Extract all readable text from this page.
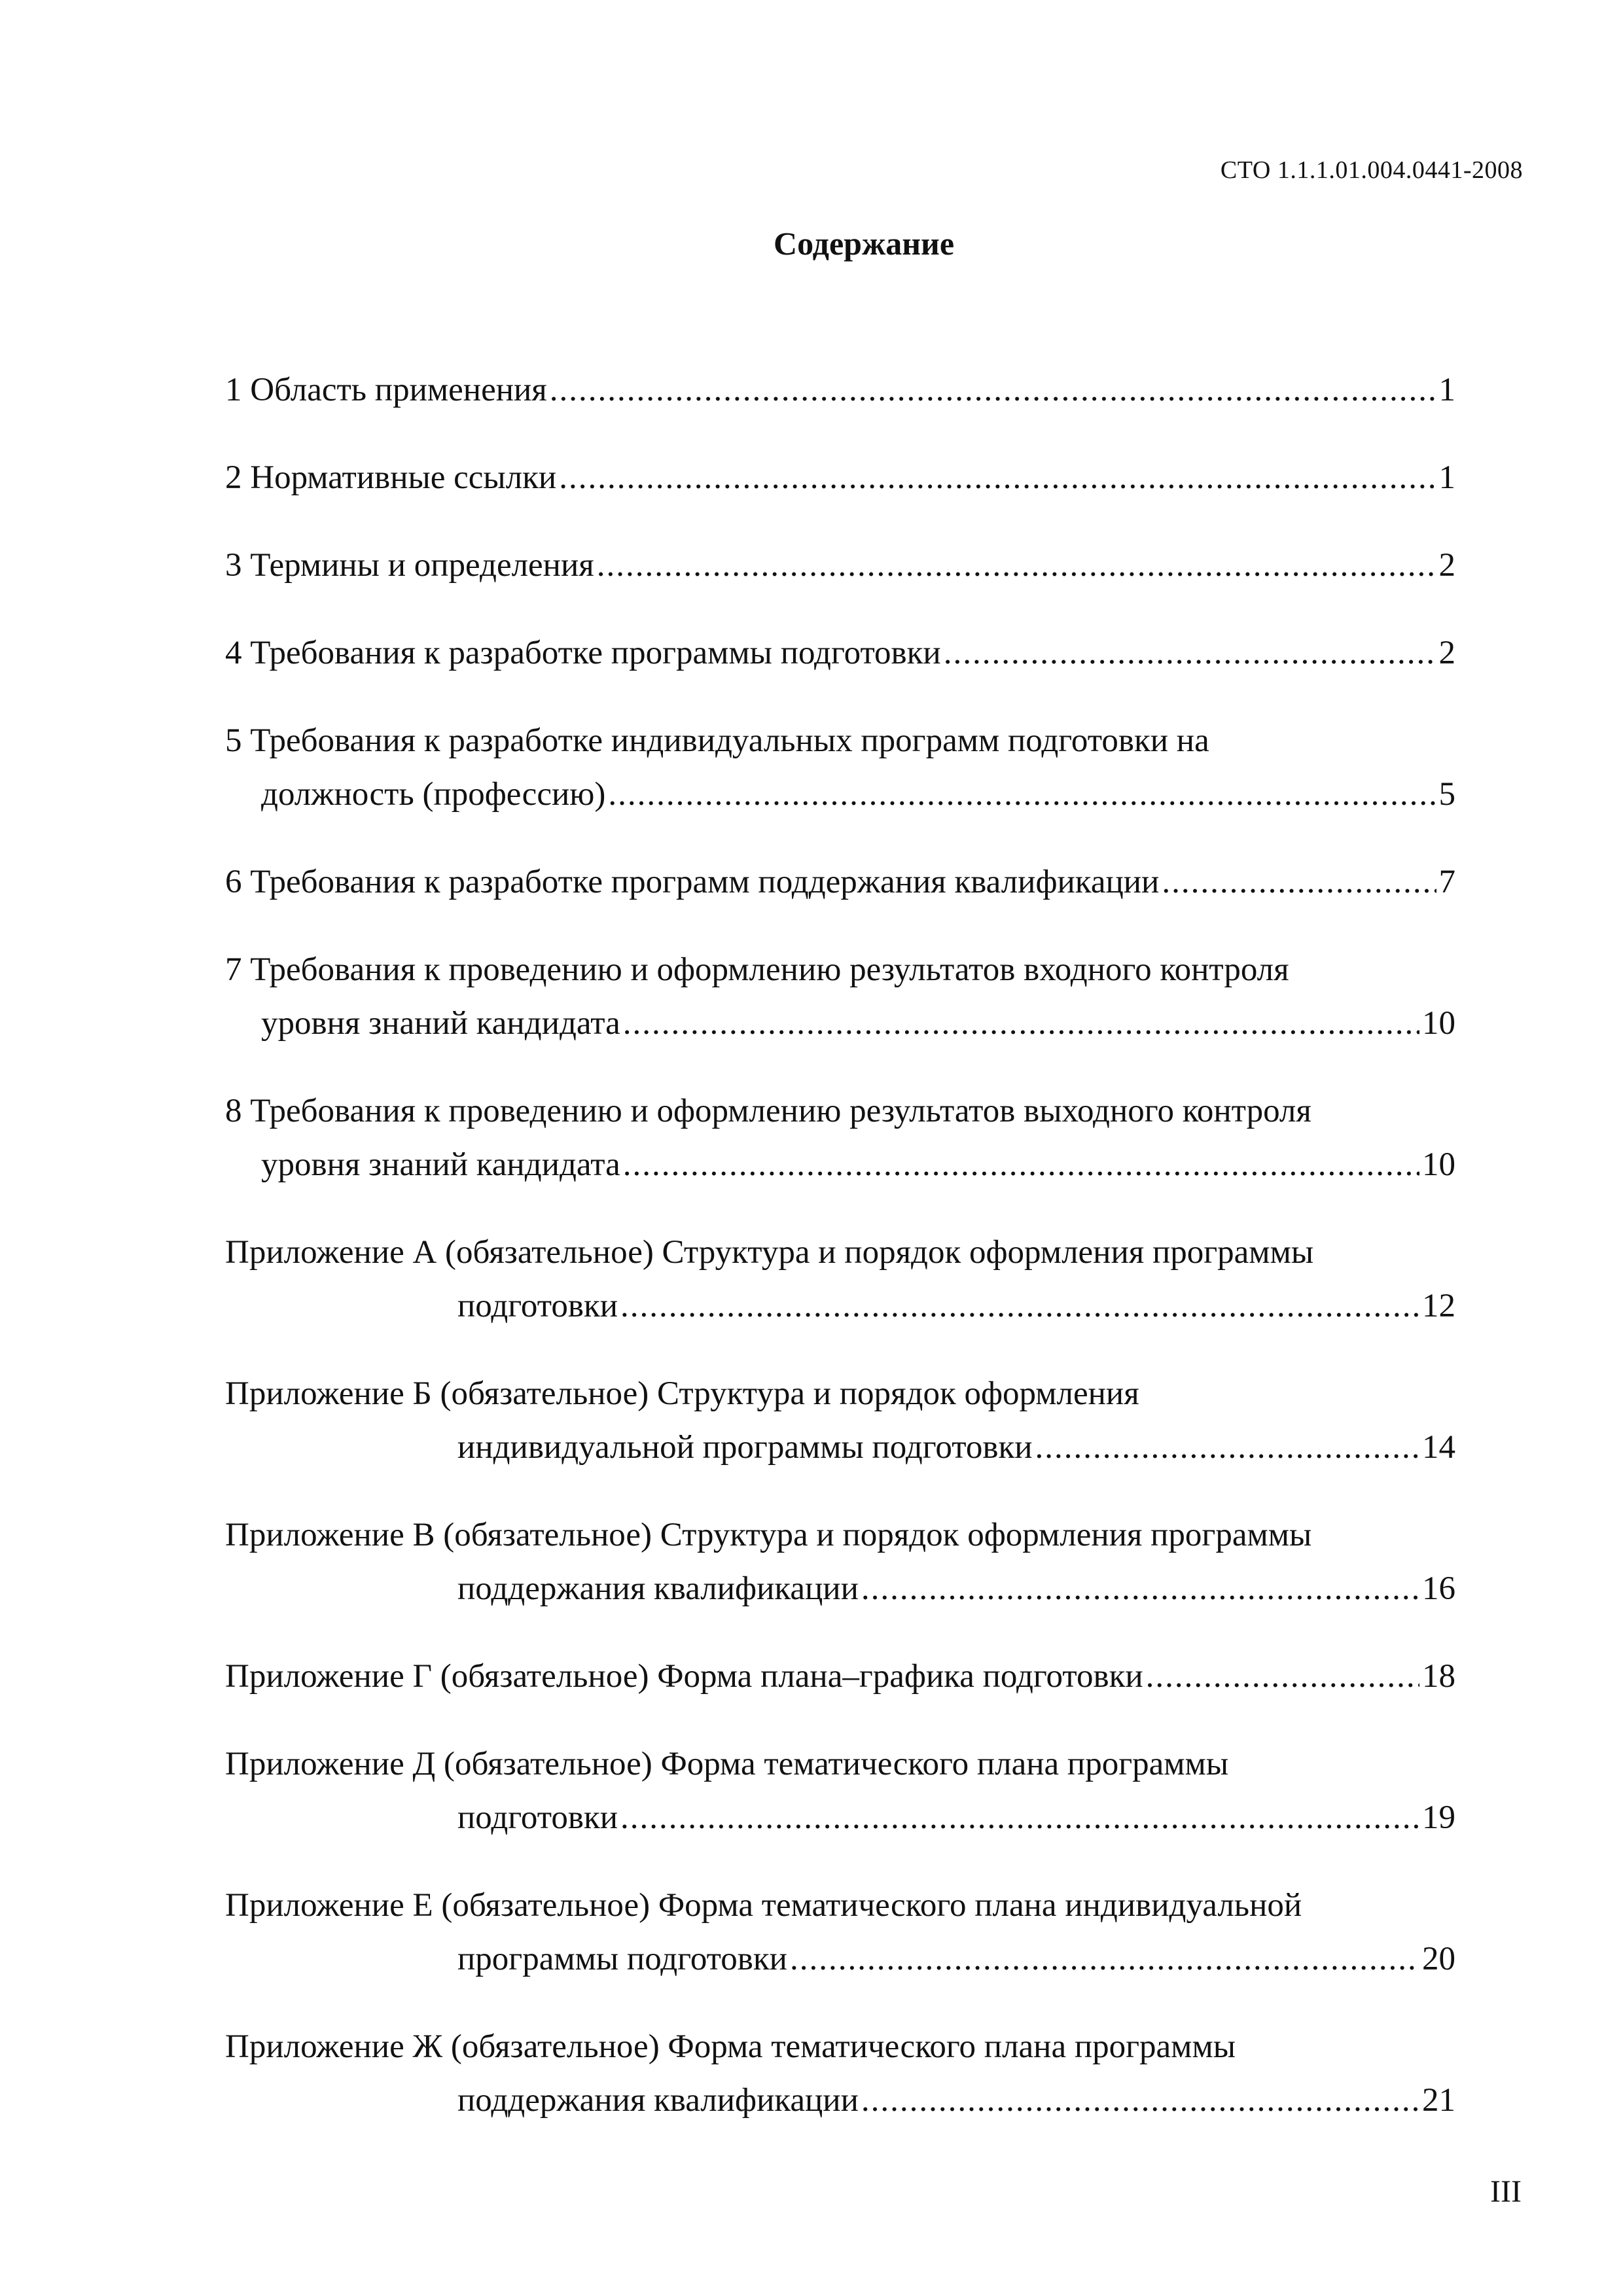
СТО 1.1.1.01.004.0441-2008
Содержание
1 Область применения .....	1
2 Нормативные ссылки .....	1
3 Термины и определения .....	2
4 Требования к разработке программы подготовки .....	2
5 Требования к разработке индивидуальных программ подготовки на
должность (профессию) .....	5
6 Требования к разработке программ поддержания квалификации .....	7
7 Требования к проведению и оформлению результатов входного контроля
уровня знаний кандидата .....	10
8 Требования к проведению и оформлению результатов выходного контроля
уровня знаний кандидата .....	10
Приложение А (обязательное) Структура и порядок оформления программы
подготовки .....	12
Приложение Б (обязательное) Структура и порядок оформления
индивидуальной программы подготовки .....	14
Приложение В (обязательное) Структура и порядок оформления программы
поддержания квалификации .....	16
Приложение Г (обязательное) Форма плана–графика подготовки .....	18
Приложение Д (обязательное) Форма тематического плана программы
подготовки .....	19
Приложение Е (обязательное) Форма тематического плана индивидуальной
программы подготовки .....	20
Приложение Ж (обязательное) Форма тематического плана программы
поддержания квалификации .....	21
III
